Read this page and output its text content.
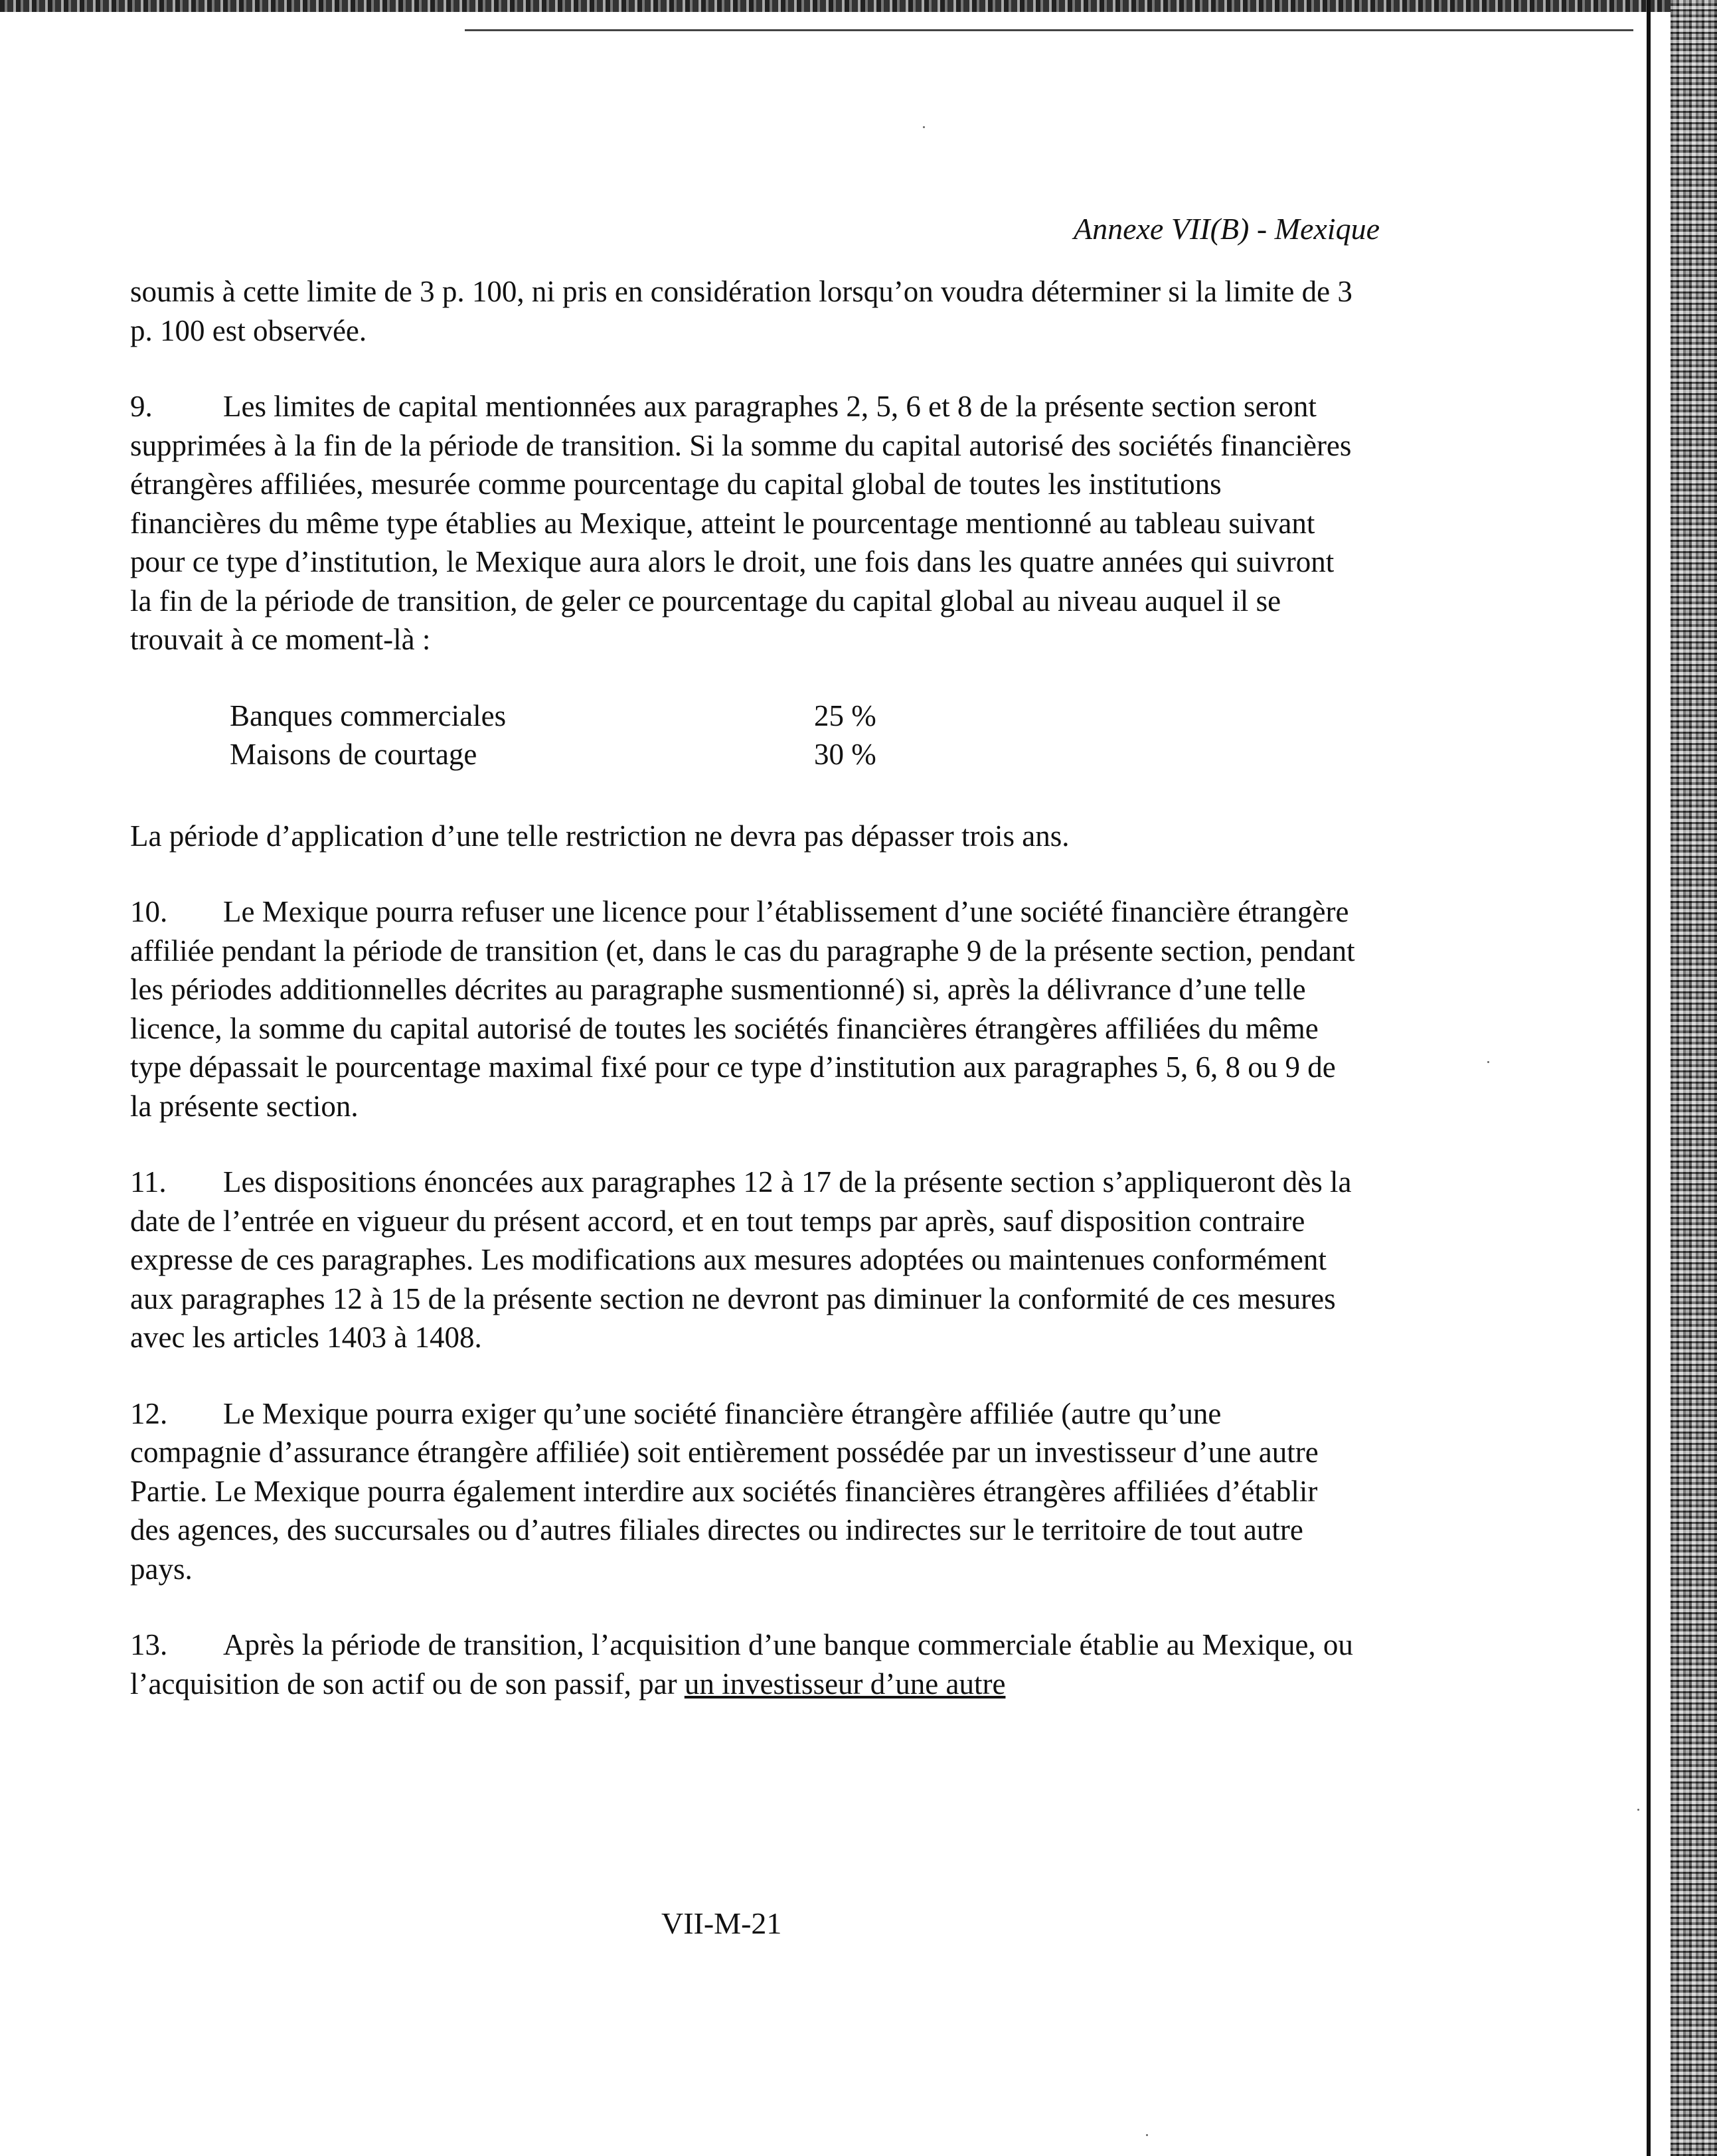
Annexe VII(B) - Mexique

soumis à cette limite de 3 p. 100, ni pris en considération lorsqu’on voudra déterminer si la limite de 3 p. 100 est observée.

9. Les limites de capital mentionnées aux paragraphes 2, 5, 6 et 8 de la présente section seront supprimées à la fin de la période de transition. Si la somme du capital autorisé des sociétés financières étrangères affiliées, mesurée comme pourcentage du capital global de toutes les institutions financières du même type établies au Mexique, atteint le pourcentage mentionné au tableau suivant pour ce type d’institution, le Mexique aura alors le droit, une fois dans les quatre années qui suivront la fin de la période de transition, de geler ce pourcentage du capital global au niveau auquel il se trouvait à ce moment-là :

Banques commerciales	25 %
Maisons de courtage	30 %

La période d’application d’une telle restriction ne devra pas dépasser trois ans.

10. Le Mexique pourra refuser une licence pour l’établissement d’une société financière étrangère affiliée pendant la période de transition (et, dans le cas du paragraphe 9 de la présente section, pendant les périodes additionnelles décrites au paragraphe susmentionné) si, après la délivrance d’une telle licence, la somme du capital autorisé de toutes les sociétés financières étrangères affiliées du même type dépassait le pourcentage maximal fixé pour ce type d’institution aux paragraphes 5, 6, 8 ou 9 de la présente section.

11. Les dispositions énoncées aux paragraphes 12 à 17 de la présente section s’appliqueront dès la date de l’entrée en vigueur du présent accord, et en tout temps par après, sauf disposition contraire expresse de ces paragraphes. Les modifications aux mesures adoptées ou maintenues conformément aux paragraphes 12 à 15 de la présente section ne devront pas diminuer la conformité de ces mesures avec les articles 1403 à 1408.

12. Le Mexique pourra exiger qu’une société financière étrangère affiliée (autre qu’une compagnie d’assurance étrangère affiliée) soit entièrement possédée par un investisseur d’une autre Partie. Le Mexique pourra également interdire aux sociétés financières étrangères affiliées d’établir des agences, des succursales ou d’autres filiales directes ou indirectes sur le territoire de tout autre pays.

13. Après la période de transition, l’acquisition d’une banque commerciale établie au Mexique, ou l’acquisition de son actif ou de son passif, par un investisseur d’une autre

VII-M-21
